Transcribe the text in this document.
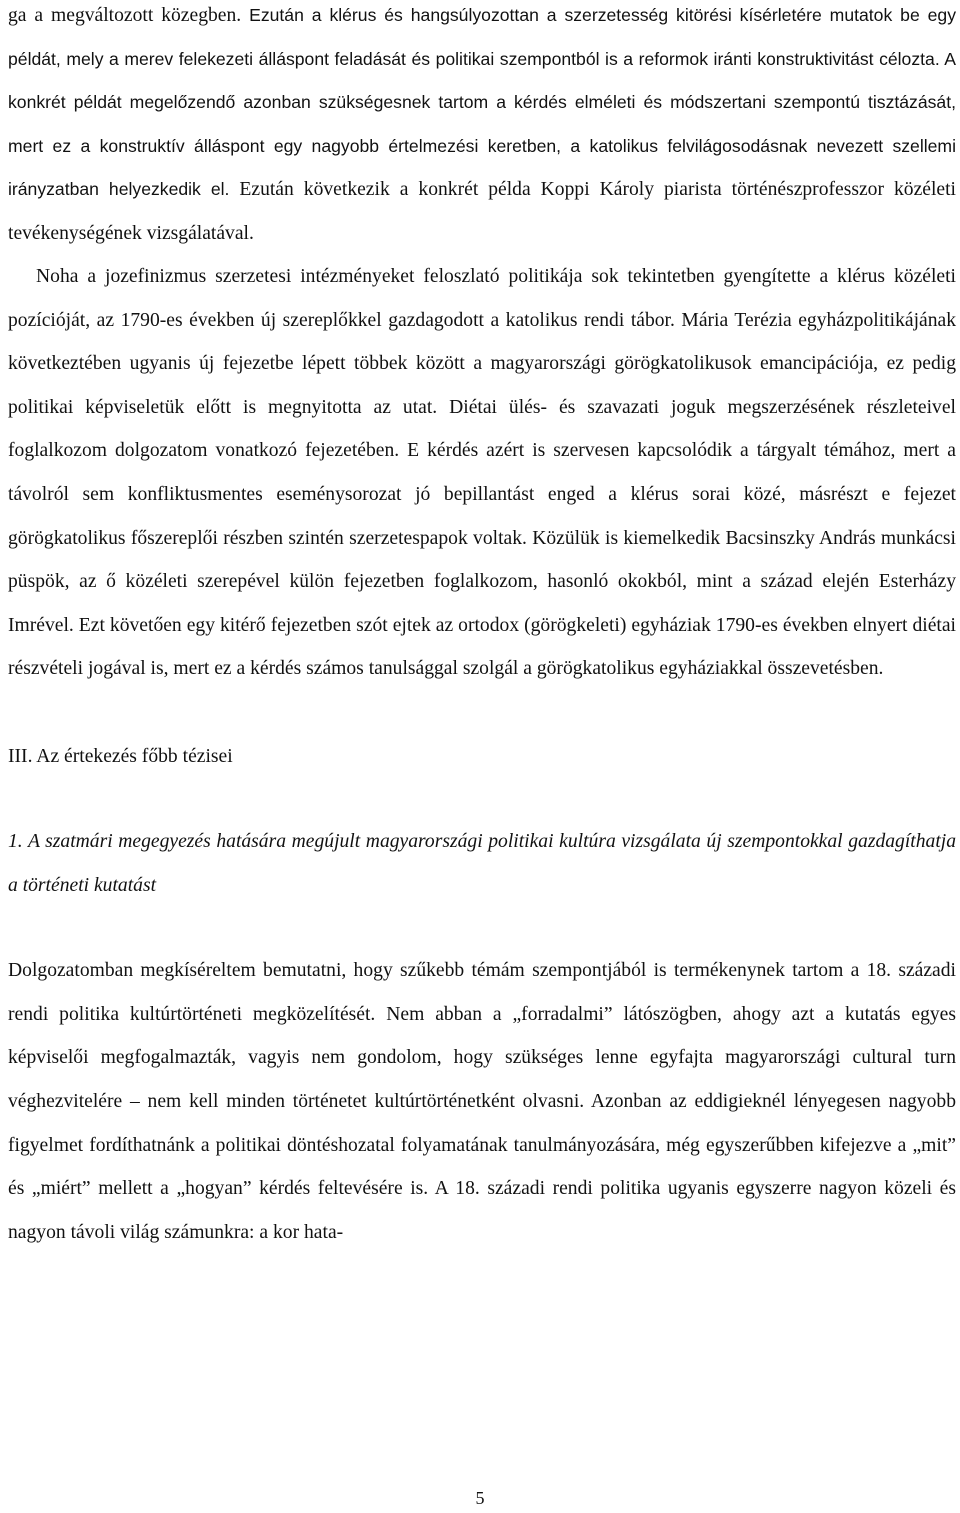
ga a megváltozott közegben. Ezután a klérus és hangsúlyozottan a szerzetesség kitörési kísérletére mutatok be egy példát, mely a merev felekezeti álláspont feladását és politikai szempontból is a reformok iránti konstruktivitást célozta. A konkrét példát megelőzendő azonban szükségesnek tartom a kérdés elméleti és módszertani szempontú tisztázását, mert ez a konstruktív álláspont egy nagyobb értelmezési keretben, a katolikus felvilágosodásnak nevezett szellemi irányzatban helyezkedik el. Ezután következik a konkrét példa Koppi Károly piarista történészprofesszor közéleti tevékenységének vizsgálatával.

Noha a jozefinizmus szerzetesi intézményeket feloszlató politikája sok tekintetben gyengítette a klérus közéleti pozícióját, az 1790-es években új szereplőkkel gazdagodott a katolikus rendi tábor. Mária Terézia egyházpolitikájának következtében ugyanis új fejezetbe lépett többek között a magyarországi görögkatolikusok emancipációja, ez pedig politikai képviseletük előtt is megnyitotta az utat. Diétai ülés- és szavazati joguk megszerzésének részleteivel foglalkozom dolgozatom vonatkozó fejezetében. E kérdés azért is szervesen kapcsolódik a tárgyalt témához, mert a távolról sem konfliktusmentes eseménysorozat jó bepillantást enged a klérus sorai közé, másrészt e fejezet görögkatolikus főszereplői részben szintén szerzetespapok voltak. Közülük is kiemelkedik Bacsinszky András munkácsi püspök, az ő közéleti szerepével külön fejezetben foglalkozom, hasonló okokból, mint a század elején Esterházy Imrével. Ezt követően egy kitérő fejezetben szót ejtek az ortodox (görögkeleti) egyháziak 1790-es években elnyert diétai részvételi jogával is, mert ez a kérdés számos tanulsággal szolgál a görögkatolikus egyháziakkal összevetésben.

III. Az értekezés főbb tézisei

1. A szatmári megegyezés hatására megújult magyarországi politikai kultúra vizsgálata új szempontokkal gazdagíthatja a történeti kutatást

Dolgozatomban megkíséreltem bemutatni, hogy szűkebb témám szempontjából is termékenynek tartom a 18. századi rendi politika kultúrtörténeti megközelítését. Nem abban a „forradalmi” látószögben, ahogy azt a kutatás egyes képviselői megfogalmazták, vagyis nem gondolom, hogy szükséges lenne egyfajta magyarországi cultural turn véghezvitelére – nem kell minden történetet kultúrtörténetként olvasni. Azonban az eddigieknél lényegesen nagyobb figyelmet fordíthatnánk a politikai döntéshozatal folyamatának tanulmányozására, még egyszerűbben kifejezve a „mit” és „miért” mellett a „hogyan” kérdés feltevésére is. A 18. századi rendi politika ugyanis egyszerre nagyon közeli és nagyon távoli világ számunkra: a kor hata-

5
